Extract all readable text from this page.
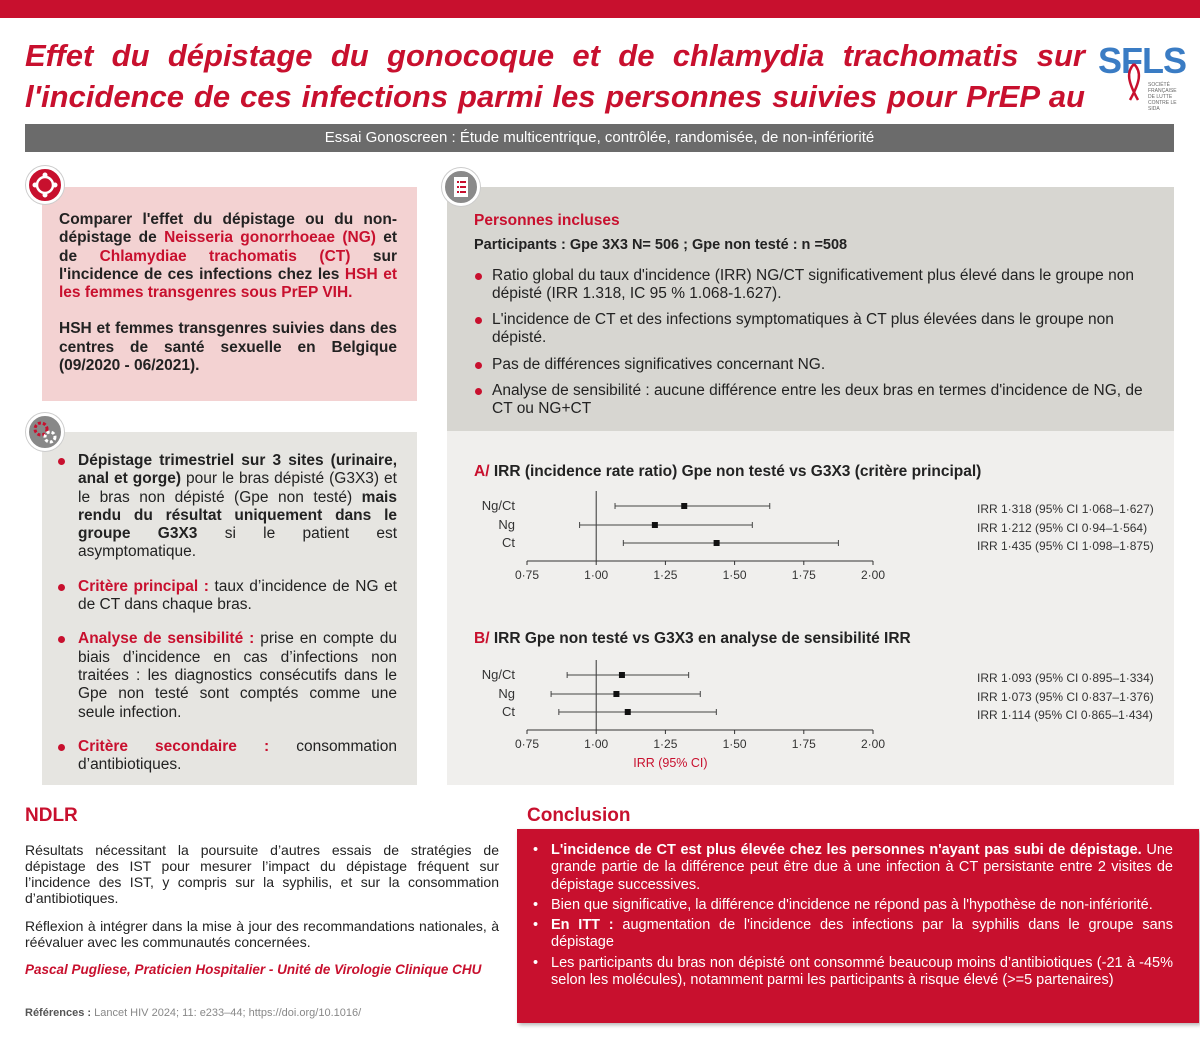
Effet du dépistage du gonocoque et de chlamydia trachomatis sur
l'incidence de ces infections parmi les personnes suivies pour PrEP au
SFLS
SOCIÉTÉ FRANÇAISE DE LUTTE CONTRE LE SIDA
Essai Gonoscreen : Étude multicentrique, contrôlée, randomisée, de non-infériorité

Comparer l'effet du dépistage ou du non-dépistage de Neisseria gonorrhoeae (NG) et de Chlamydiae trachomatis (CT) sur l'incidence de ces infections chez les HSH et les femmes transgenres sous PrEP VIH.

HSH et femmes transgenres suivies dans des centres de santé sexuelle en Belgique (09/2020 - 06/2021).

Dépistage trimestriel sur 3 sites (urinaire, anal et gorge) pour le bras dépisté (G3X3) et le bras non dépisté (Gpe non testé) mais rendu du résultat uniquement dans le groupe G3X3 si le patient est asymptomatique.
Critère principal : taux d’incidence de NG et de CT dans chaque bras.
Analyse de sensibilité : prise en compte du biais d’incidence en cas d’infections non traitées : les diagnostics consécutifs dans le Gpe non testé sont comptés comme une seule infection.
Critère secondaire : consommation d’antibiotiques.
Personnes incluses
Participants : Gpe 3X3 N= 506 ; Gpe non testé : n =508
Ratio global du taux d'incidence (IRR) NG/CT significativement plus élevé dans le groupe non dépisté (IRR 1.318, IC 95 % 1.068-1.627).
L'incidence de CT et des infections symptomatiques à CT plus élevées dans le groupe non dépisté.
Pas de différences significatives concernant NG.
Analyse de sensibilité : aucune différence entre les deux bras en termes d'incidence de NG, de CT ou NG+CT
A/ IRR (incidence rate ratio) Gpe non testé vs G3X3 (critère principal)
B/ IRR Gpe non testé vs G3X3 en analyse de sensibilité IRR
0·75	1·00	1·25	1·50	1·75	2·00
Ng/Ct	IRR 1·318 (95% CI 1·068–1·627)
Ng	IRR 1·212 (95% CI 0·94–1·564)
Ct	IRR 1·435 (95% CI 1·098–1·875)
0·75	1·00	1·25	1·50	1·75	2·00
Ng/Ct	IRR 1·093 (95% CI 0·895–1·334)
Ng	IRR 1·073 (95% CI 0·837–1·376)
Ct	IRR 1·114 (95% CI 0·865–1·434)
IRR (95% CI)
NDLR

Résultats nécessitant la poursuite d’autres essais de stratégies de dépistage des IST pour mesurer l’impact du dépistage fréquent sur l’incidence des IST, y compris sur la syphilis, et sur la consommation d’antibiotiques.

Réflexion à intégrer dans la mise à jour des recommandations nationales, à réévaluer avec les communautés concernées.

Pascal Pugliese, Praticien Hospitalier - Unité de Virologie Clinique CHU

Références : Lancet HIV 2024; 11: e233–44; https://doi.org/10.1016/
Conclusion
• L'incidence de CT est plus élevée chez les personnes n'ayant pas subi de dépistage. Une grande partie de la différence peut être due à une infection à CT persistante entre 2 visites de dépistage successives.
• Bien que significative, la différence d'incidence ne répond pas à l'hypothèse de non-infériorité.
• En ITT : augmentation de l'incidence des infections par la syphilis dans le groupe sans dépistage
• Les participants du bras non dépisté ont consommé beaucoup moins d’antibiotiques (-21 à -45% selon les molécules), notamment parmi les participants à risque élevé (>=5 partenaires)
